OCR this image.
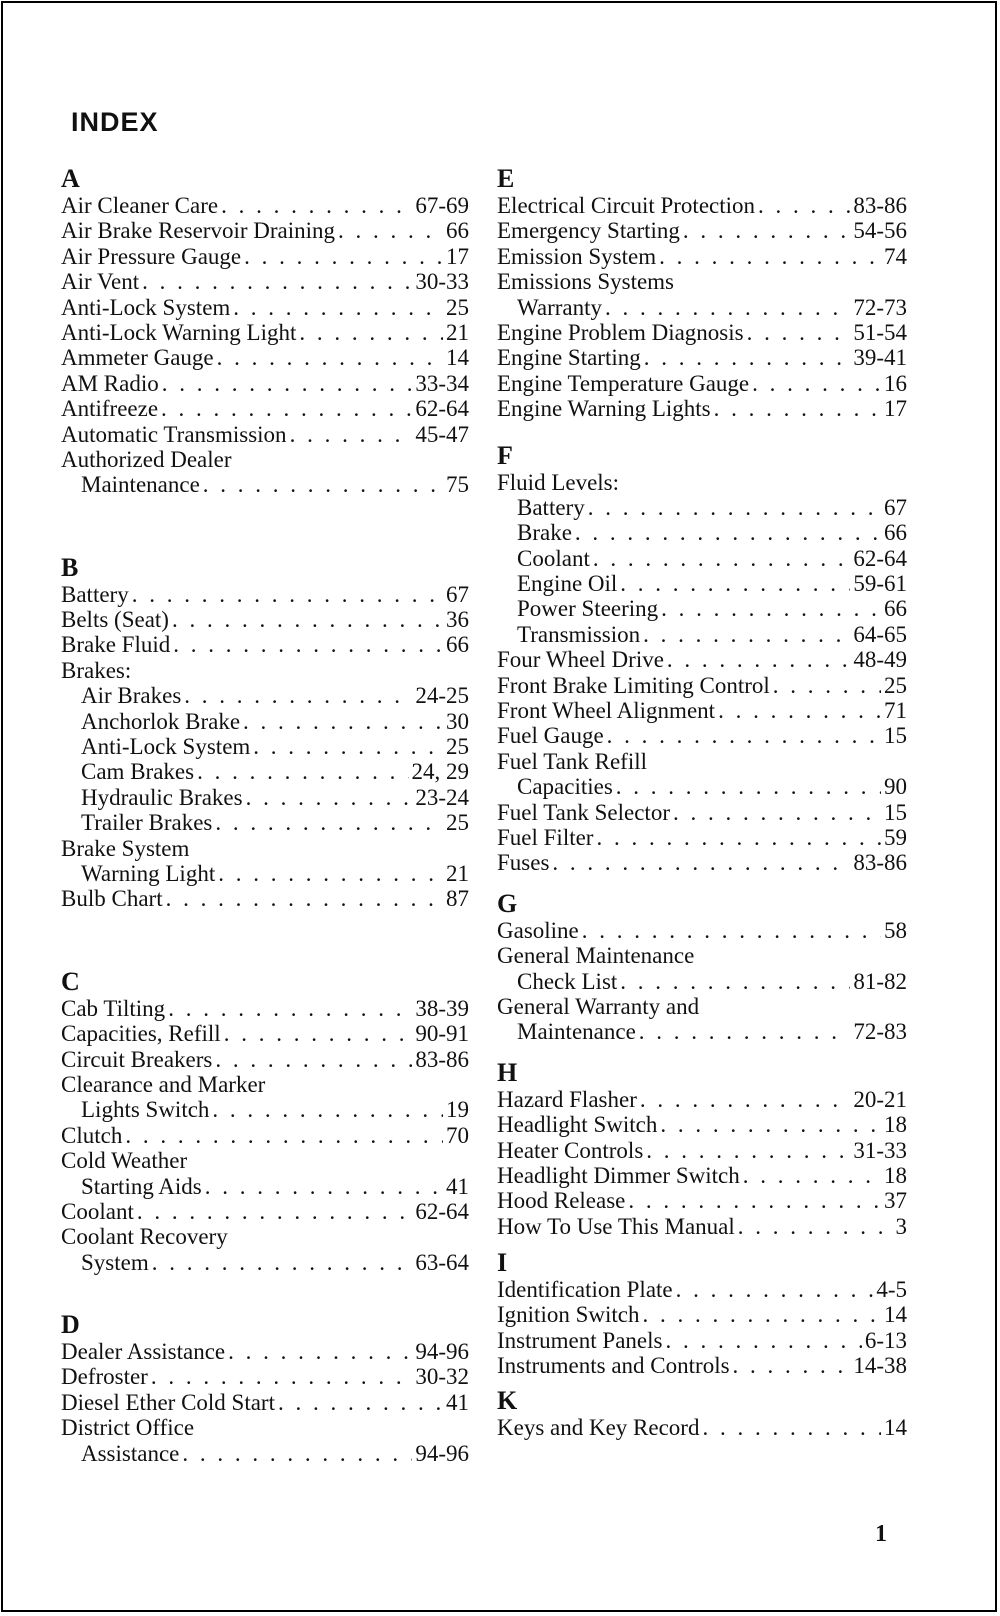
INDEX
A
Air Cleaner Care . . .	67-69
Air Brake Reservoir Draining . . .	66
Air Pressure Gauge . . .	17
Air Vent . . .	30-33
Anti-Lock System . . .	25
Anti-Lock Warning Light . . .	21
Ammeter Gauge . . .	14
AM Radio . . .	33-34
Antifreeze . . .	62-64
Automatic Transmission . . .	45-47
Authorized Dealer
Maintenance . . .	75
B
Battery . . .	67
Belts (Seat) . . .	36
Brake Fluid . . .	66
Brakes:
Air Brakes . . .	24-25
Anchorlok Brake . . .	30
Anti-Lock System . . .	25
Cam Brakes . . .	24, 29
Hydraulic Brakes . . .	23-24
Trailer Brakes . . .	25
Brake System
Warning Light . . .	21
Bulb Chart . . .	87
C
Cab Tilting . . .	38-39
Capacities, Refill . . .	90-91
Circuit Breakers . . .	83-86
Clearance and Marker
Lights Switch . . .	19
Clutch . . .	70
Cold Weather
Starting Aids . . .	41
Coolant . . .	62-64
Coolant Recovery
System . . .	63-64
D
Dealer Assistance . . .	94-96
Defroster . . .	30-32
Diesel Ether Cold Start . . .	41
District Office
Assistance . . .	94-96
E
Electrical Circuit Protection . . .	83-86
Emergency Starting . . .	54-56
Emission System . . .	74
Emissions Systems
Warranty . . .	72-73
Engine Problem Diagnosis . . .	51-54
Engine Starting . . .	39-41
Engine Temperature Gauge . . .	16
Engine Warning Lights . . .	17
F
Fluid Levels:
Battery . . .	67
Brake . . .	66
Coolant . . .	62-64
Engine Oil . . .	59-61
Power Steering . . .	66
Transmission . . .	64-65
Four Wheel Drive . . .	48-49
Front Brake Limiting Control . . .	25
Front Wheel Alignment . . .	71
Fuel Gauge . . .	15
Fuel Tank Refill
Capacities . . .	90
Fuel Tank Selector . . .	15
Fuel Filter . . .	59
Fuses . . .	83-86
G
Gasoline . . .	58
General Maintenance
Check List . . .	81-82
General Warranty and
Maintenance . . .	72-83
H
Hazard Flasher . . .	20-21
Headlight Switch . . .	18
Heater Controls . . .	31-33
Headlight Dimmer Switch . . .	18
Hood Release . . .	37
How To Use This Manual . . .	3
I
Identification Plate . . .	4-5
Ignition Switch . . .	14
Instrument Panels . . .	6-13
Instruments and Controls . . .	14-38
K
Keys and Key Record . . .	14
1
